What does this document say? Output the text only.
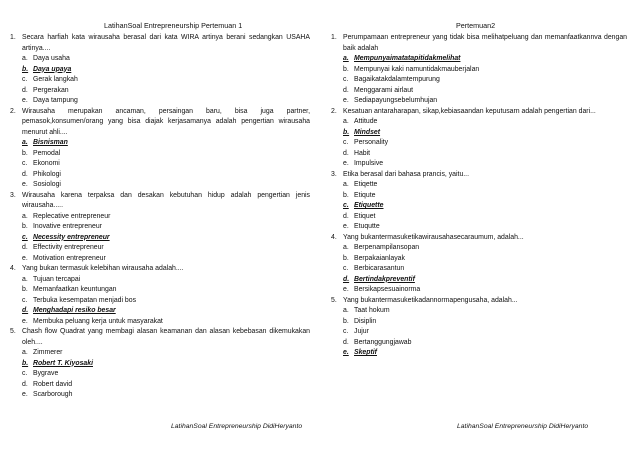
LatihanSoal Entrepreneurship Pertemuan 1
1. Secara harfiah kata wirausaha berasal dari kata WIRA artinya berani sedangkan USAHA artinya....
a. Daya usaha
b. Daya upaya
c. Gerak langkah
d. Pergerakan
e. Daya tampung
2. Wirausaha merupakan ancaman, persaingan baru, bisa juga partner, pemasok,konsumen/orang yang bisa diajak kerjasamanya adalah pengertian wirausaha menurut ahli....
a. Bisnisman
b. Pemodal
c. Ekonomi
d. Phikologi
e. Sosiologi
3. Wirausaha karena terpaksa dan desakan kebutuhan hidup adalah pengertian jenis wirausaha.....
a. Replecative entrepreneur
b. Inovative entrepreneur
c. Necessity entrepreneur
d. Effectivity entrepreneur
e. Motivation entrepreneur
4. Yang bukan termasuk kelebihan wirausaha adalah....
a. Tujuan tercapai
b. Memanfaatkan keuntungan
c. Terbuka kesempatan menjadi bos
d. Menghadapi resiko besar
e. Membuka peluang kerja untuk masyarakat
5. Chash flow Quadrat yang membagi alasan keamanan dan alasan kebebasan dikemukakan oleh....
a. Zimmerer
b. Robert T. Kiyosaki
c. Bygrave
d. Robert david
e. Scarborough
LatihanSoal Entrepreneurship DidiHeryanto
Pertemuan2
1. Perumpamaan entrepreneur yang tidak bisa melihatpeluang dan memanfaatkannva dengan baik adalah
a. Mempunyaimatatapitidakmelihat
b. Mempunyai kaki namuntidakmauberjalan
c. Bagaikatakdalamtempurung
d. Menggarami airlaut
e. Sediapayungsebelumhujan
2. Kesatuan antaraharapan, sikap,kebiasaandan keputusarn adalah pengertian dari...
a. Attitude
b. Mindset
c. Personality
d. Habit
e. Impulsive
3. Etika berasal dari bahasa prancis, yaitu...
a. Etiqette
b. Etiqute
c. Etiquette
d. Etiquet
e. Etuqutte
4. Yang bukantermasuketikawirausahasecaraumum, adalah...
a. Berpenampilansopan
b. Berpakaianlayak
c. Berbicarasantun
d. Bertindakpreventif
e. Bersikapsesuainorma
5. Yang bukantermasuketikadannormapengusaha, adalah...
a. Taat hokum
b. Disiplin
c. Jujur
d. Bertanggungjawab
e. Skeptif
LatihanSoal Entrepreneurship DidiHeryanto
